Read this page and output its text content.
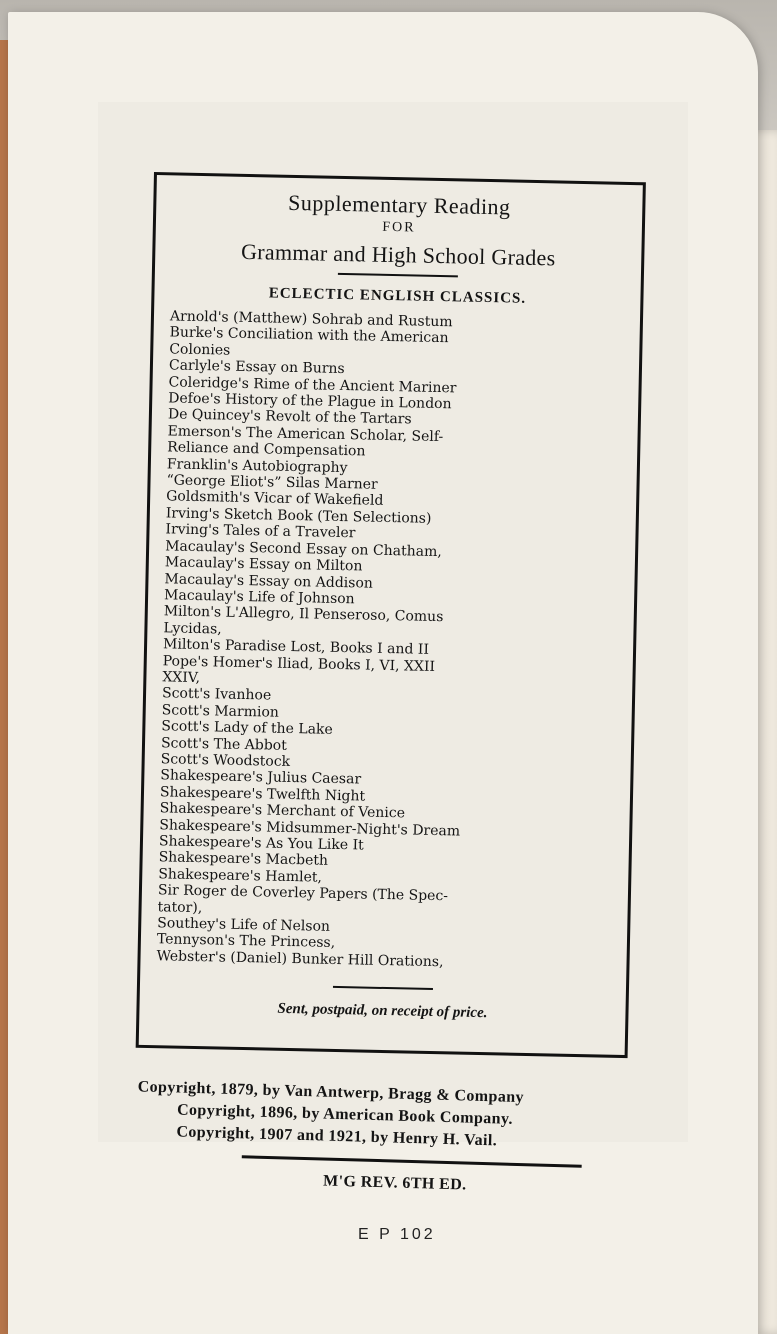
Supplementary Reading
FOR
Grammar and High School Grades
ECLECTIC ENGLISH CLASSICS.
Arnold's (Matthew) Sohrab and Rustum
Burke's Conciliation with the American
Colonies
Carlyle's Essay on Burns
Coleridge's Rime of the Ancient Mariner
Defoe's History of the Plague in London
De Quincey's Revolt of the Tartars
Emerson's The American Scholar, Self-
Reliance and Compensation
Franklin's Autobiography
“George Eliot's” Silas Marner
Goldsmith's Vicar of Wakefield
Irving's Sketch Book (Ten Selections)
Irving's Tales of a Traveler
Macaulay's Second Essay on Chatham,
Macaulay's Essay on Milton
Macaulay's Essay on Addison
Macaulay's Life of Johnson
Milton's L'Allegro, Il Penseroso, Comus
Lycidas,
Milton's Paradise Lost, Books I and II
Pope's Homer's Iliad, Books I, VI, XXII
XXIV,
Scott's Ivanhoe
Scott's Marmion
Scott's Lady of the Lake
Scott's The Abbot
Scott's Woodstock
Shakespeare's Julius Caesar
Shakespeare's Twelfth Night
Shakespeare's Merchant of Venice
Shakespeare's Midsummer-Night's Dream
Shakespeare's As You Like It
Shakespeare's Macbeth
Shakespeare's Hamlet,
Sir Roger de Coverley Papers (The Spec-
tator),
Southey's Life of Nelson
Tennyson's The Princess,
Webster's (Daniel) Bunker Hill Orations,
Sent, postpaid, on receipt of price.
Copyright, 1879, by Van Antwerp, Bragg & Company
Copyright, 1896, by American Book Company.
Copyright, 1907 and 1921, by Henry H. Vail.
M'G REV. 6TH ED.
E P 102
